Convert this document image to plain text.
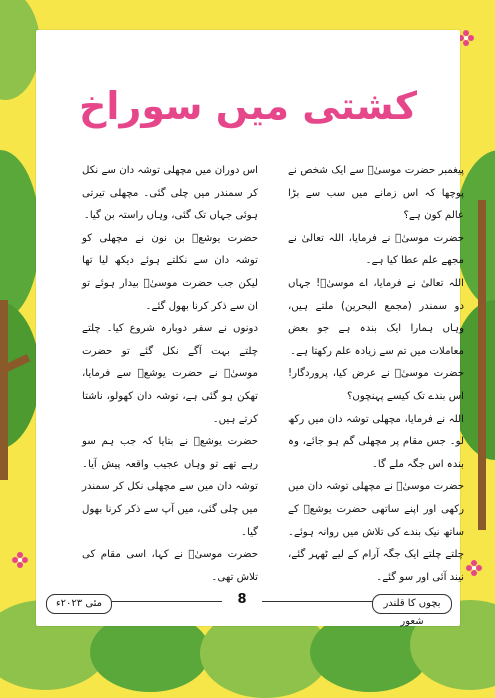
کشتی میں سوراخ

پیغمبر حضرت موسیٰؑ سے ایک شخص نے پوچھا کہ اس زمانے میں سب سے بڑا عالم کون ہے؟

حضرت موسیٰؑ نے فرمایا، اللہ تعالیٰ نے مجھے علم عطا کیا ہے۔

اللہ تعالیٰ نے فرمایا، اے موسیٰؑ! جہاں دو سمندر (مجمع البحرین) ملتے ہیں، وہاں ہمارا ایک بندہ ہے جو بعض معاملات میں تم سے زیادہ علم رکھتا ہے۔

حضرت موسیٰؑ نے عرض کیا، پروردگار! اس بندے تک کیسے پہنچوں؟

اللہ نے فرمایا، مچھلی توشہ دان میں رکھ لو۔ جس مقام پر مچھلی گم ہو جائے، وہ بندہ اس جگہ ملے گا۔

حضرت موسیٰؑ نے مچھلی توشہ دان میں رکھی اور اپنے ساتھی حضرت یوشعؑ کے ساتھ نیک بندے کی تلاش میں روانہ ہوئے۔ چلتے چلتے ایک جگہ آرام کے لیے ٹھہر گئے، نیند آئی اور سو گئے۔

اس دوران میں مچھلی توشہ دان سے نکل کر سمندر میں چلی گئی۔ مچھلی تیرتی ہوئی جہاں تک گئی، وہاں راستہ بن گیا۔

حضرت یوشعؑ بن نون نے مچھلی کو توشہ دان سے نکلتے ہوئے دیکھ لیا تھا لیکن جب حضرت موسیٰؑ بیدار ہوئے تو ان سے ذکر کرنا بھول گئے۔

دونوں نے سفر دوبارہ شروع کیا۔ چلتے چلتے بہت آگے نکل گئے تو حضرت موسیٰؑ نے حضرت یوشعؑ سے فرمایا، تھکن ہو گئی ہے، توشہ دان کھولو، ناشتا کرتے ہیں۔

حضرت یوشعؑ نے بتایا کہ جب ہم سو رہے تھے تو وہاں عجیب واقعہ پیش آیا۔ توشہ دان میں سے مچھلی نکل کر سمندر میں چلی گئی، میں آپ سے ذکر کرنا بھول گیا۔

حضرت موسیٰؑ نے کہا، اسی مقام کی تلاش تھی۔

مئی ۲۰۲۳ء	8	بچوں کا قلندر شعور
